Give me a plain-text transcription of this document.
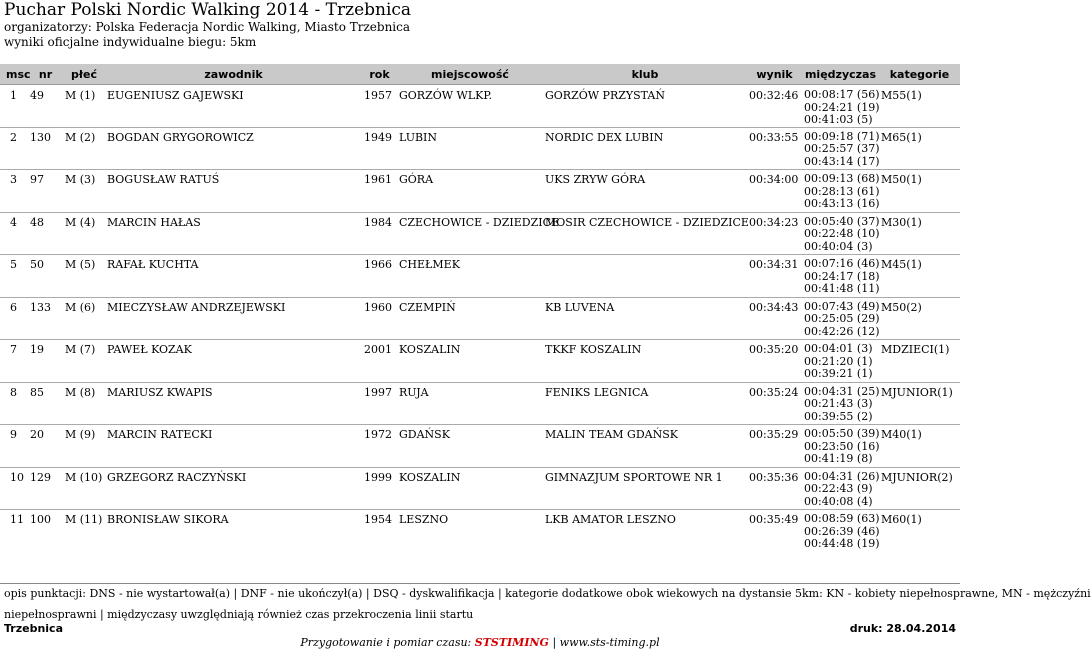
Puchar Polski Nordic Walking 2014 - Trzebnica
organizatorzy: Polska Federacja Nordic Walking, Miasto Trzebnica
wyniki oficjalne indywidualne biegu: 5km
msc	nr	płeć	zawodnik	rok	miejscowość	klub	wynik	międzyczas	kategorie
1	49	M (1)	EUGENIUSZ GAJEWSKI	1957	GORZÓW WLKP.	GORZÓW PRZYSTAŃ	00:32:46	00:08:17 (56)
00:24:21 (19)
00:41:03 (5)	M55(1)

2	130	M (2)	BOGDAN GRYGOROWICZ	1949	LUBIN	NORDIC DEX LUBIN	00:33:55	00:09:18 (71)
00:25:57 (37)
00:43:14 (17)	M65(1)

3	97	M (3)	BOGUSŁAW RATUŚ	1961	GÓRA	UKS ZRYW GÓRA	00:34:00	00:09:13 (68)
00:28:13 (61)
00:43:13 (16)	M50(1)

4	48	M (4)	MARCIN HAŁAS	1984	CZECHOWICE - DZIEDZICE	MOSIR CZECHOWICE - DZIEDZICE	00:34:23	00:05:40 (37)
00:22:48 (10)
00:40:04 (3)	M30(1)

5	50	M (5)	RAFAŁ KUCHTA	1966	CHEŁMEK		00:34:31	00:07:16 (46)
00:24:17 (18)
00:41:48 (11)	M45(1)

6	133	M (6)	MIECZYSŁAW ANDRZEJEWSKI	1960	CZEMPIŃ	KB LUVENA	00:34:43	00:07:43 (49)
00:25:05 (29)
00:42:26 (12)	M50(2)

7	19	M (7)	PAWEŁ KOZAK	2001	KOSZALIN	TKKF KOSZALIN	00:35:20	00:04:01 (3)
00:21:20 (1)
00:39:21 (1)	MDZIECI(1)

8	85	M (8)	MARIUSZ KWAPIS	1997	RUJA	FENIKS LEGNICA	00:35:24	00:04:31 (25)
00:21:43 (3)
00:39:55 (2)	MJUNIOR(1)

9	20	M (9)	MARCIN RATECKI	1972	GDAŃSK	MALIN TEAM GDAŃSK	00:35:29	00:05:50 (39)
00:23:50 (16)
00:41:19 (8)	M40(1)

10	129	M (10)	GRZEGORZ RACZYŃSKI	1999	KOSZALIN	GIMNAZJUM SPORTOWE NR 1	00:35:36	00:04:31 (26)
00:22:43 (9)
00:40:08 (4)	MJUNIOR(2)

11	100	M (11)	BRONISŁAW SIKORA	1954	LESZNO	LKB AMATOR LESZNO	00:35:49	00:08:59 (63)
00:26:39 (46)
00:44:48 (19)	M60(1)
opis punktacji: DNS - nie wystartował(a) | DNF - nie ukończył(a) | DSQ - dyskwalifikacja | kategorie dodatkowe obok wiekowych na dystansie 5km: KN - kobiety niepełnosprawne, MN - mężczyźni
niepełnosprawni | międzyczasy uwzględniają również czas przekroczenia linii startu
Trzebnica	druk: 28.04.2014
Przygotowanie i pomiar czasu: STSTIMING | www.sts-timing.pl
